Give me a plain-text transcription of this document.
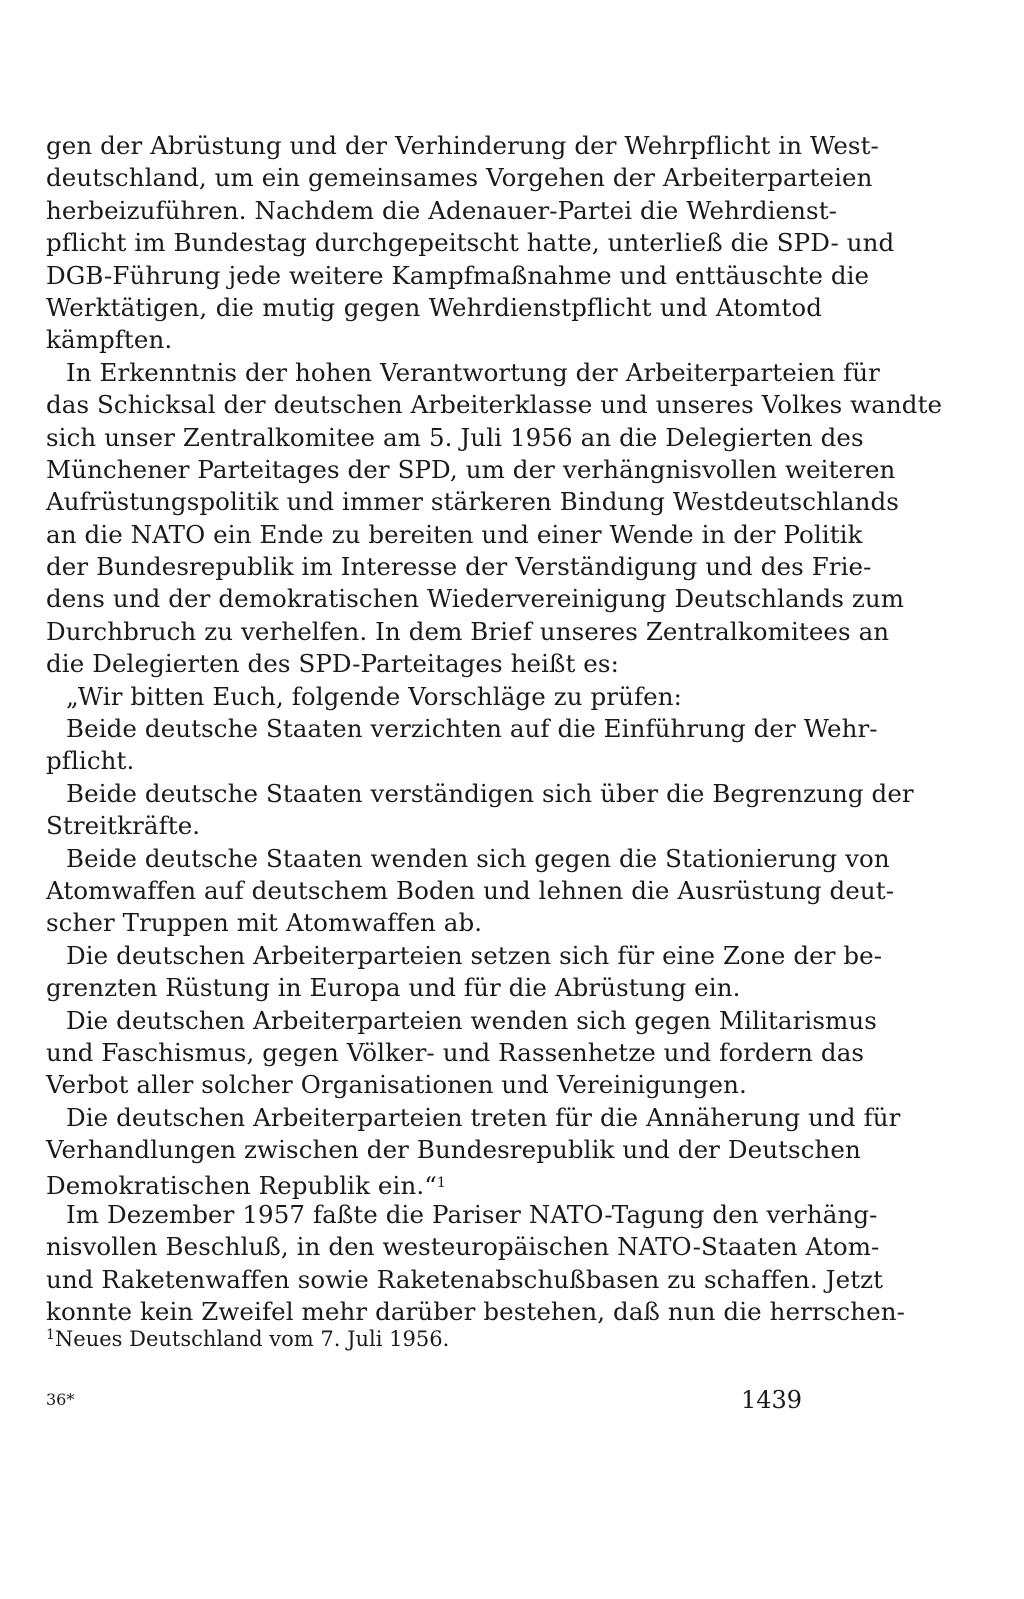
gen der Abrüstung und der Verhinderung der Wehrpflicht in West-
deutschland, um ein gemeinsames Vorgehen der Arbeiterparteien
herbeizuführen. Nachdem die Adenauer-Partei die Wehrdienst-
pflicht im Bundestag durchgepeitscht hatte, unterließ die SPD- und
DGB-Führung jede weitere Kampfmaßnahme und enttäuschte die
Werktätigen, die mutig gegen Wehrdienstpflicht und Atomtod
kämpften.
In Erkenntnis der hohen Verantwortung der Arbeiterparteien für
das Schicksal der deutschen Arbeiterklasse und unseres Volkes wandte
sich unser Zentralkomitee am 5. Juli 1956 an die Delegierten des
Münchener Parteitages der SPD, um der verhängnisvollen weiteren
Aufrüstungspolitik und immer stärkeren Bindung Westdeutschlands
an die NATO ein Ende zu bereiten und einer Wende in der Politik
der Bundesrepublik im Interesse der Verständigung und des Frie-
dens und der demokratischen Wiedervereinigung Deutschlands zum
Durchbruch zu verhelfen. In dem Brief unseres Zentralkomitees an
die Delegierten des SPD-Parteitages heißt es:
„Wir bitten Euch, folgende Vorschläge zu prüfen:
Beide deutsche Staaten verzichten auf die Einführung der Wehr-
pflicht.
Beide deutsche Staaten verständigen sich über die Begrenzung der
Streitkräfte.
Beide deutsche Staaten wenden sich gegen die Stationierung von
Atomwaffen auf deutschem Boden und lehnen die Ausrüstung deut-
scher Truppen mit Atomwaffen ab.
Die deutschen Arbeiterparteien setzen sich für eine Zone der be-
grenzten Rüstung in Europa und für die Abrüstung ein.
Die deutschen Arbeiterparteien wenden sich gegen Militarismus
und Faschismus, gegen Völker- und Rassenhetze und fordern das
Verbot aller solcher Organisationen und Vereinigungen.
Die deutschen Arbeiterparteien treten für die Annäherung und für
Verhandlungen zwischen der Bundesrepublik und der Deutschen
Demokratischen Republik ein.“$^1$
Im Dezember 1957 faßte die Pariser NATO-Tagung den verhäng-
nisvollen Beschluß, in den westeuropäischen NATO-Staaten Atom-
und Raketenwaffen sowie Raketenabschußbasen zu schaffen. Jetzt
konnte kein Zweifel mehr darüber bestehen, daß nun die herrschen-
$^1$Neues Deutschland vom 7. Juli 1956.
36*	1439
